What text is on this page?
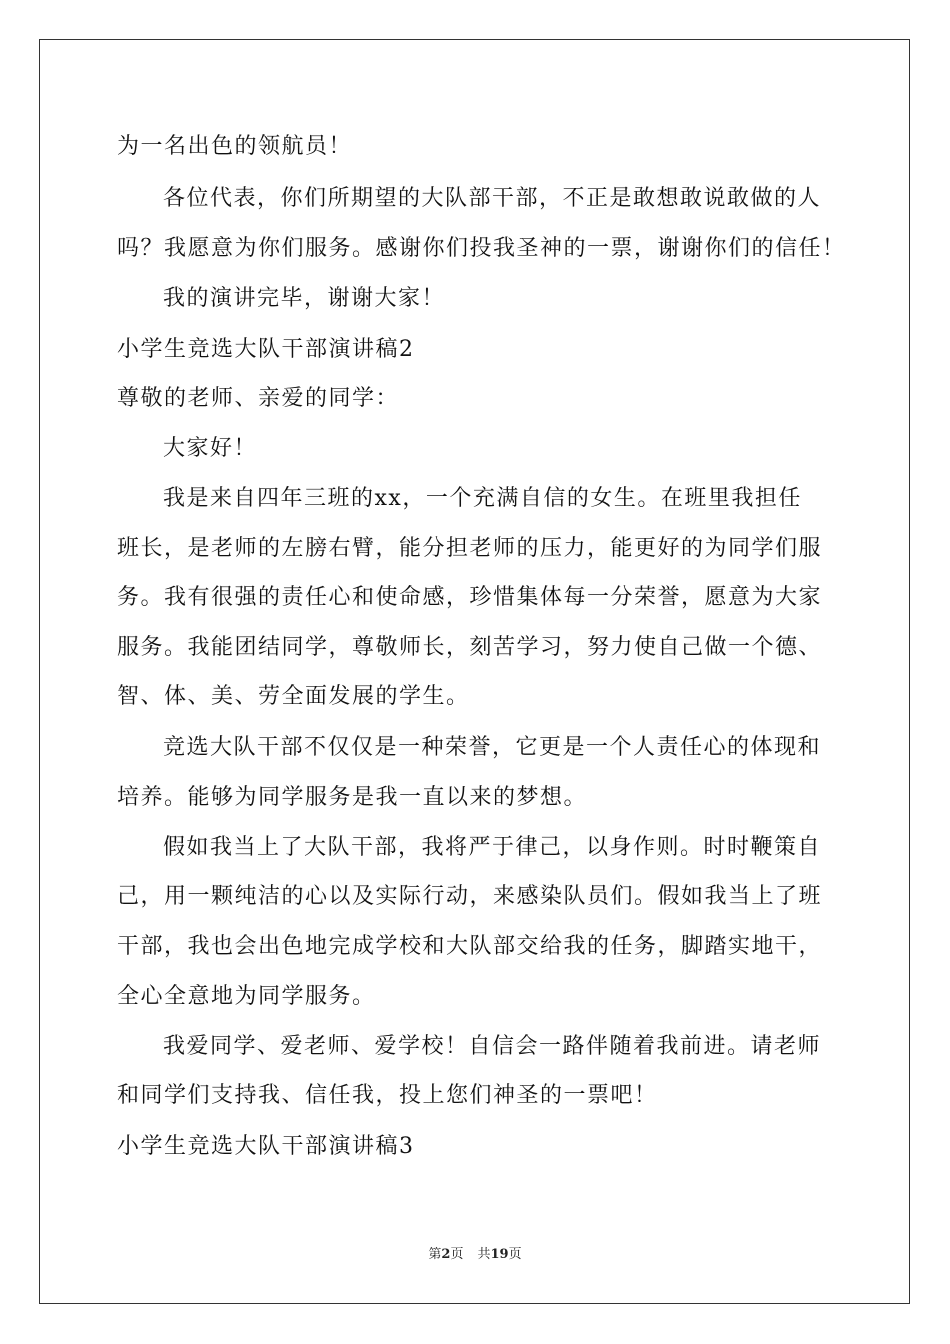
为一名出色的领航员！
各位代表，你们所期望的大队部干部，不正是敢想敢说敢做的人
吗？我愿意为你们服务。感谢你们投我圣神的一票，谢谢你们的信任！
我的演讲完毕，谢谢大家！
小学生竞选大队干部演讲稿2
尊敬的老师、亲爱的同学：
大家好！
我是来自四年三班的xx，一个充满自信的女生。在班里我担任
班长，是老师的左膀右臂，能分担老师的压力，能更好的为同学们服
务。我有很强的责任心和使命感，珍惜集体每一分荣誉，愿意为大家
服务。我能团结同学，尊敬师长，刻苦学习，努力使自己做一个德、
智、体、美、劳全面发展的学生。
竞选大队干部不仅仅是一种荣誉，它更是一个人责任心的体现和
培养。能够为同学服务是我一直以来的梦想。
假如我当上了大队干部，我将严于律己，以身作则。时时鞭策自
己，用一颗纯洁的心以及实际行动，来感染队员们。假如我当上了班
干部，我也会出色地完成学校和大队部交给我的任务，脚踏实地干，
全心全意地为同学服务。
我爱同学、爱老师、爱学校！自信会一路伴随着我前进。请老师
和同学们支持我、信任我，投上您们神圣的一票吧！
小学生竞选大队干部演讲稿3
第2页 共19页
